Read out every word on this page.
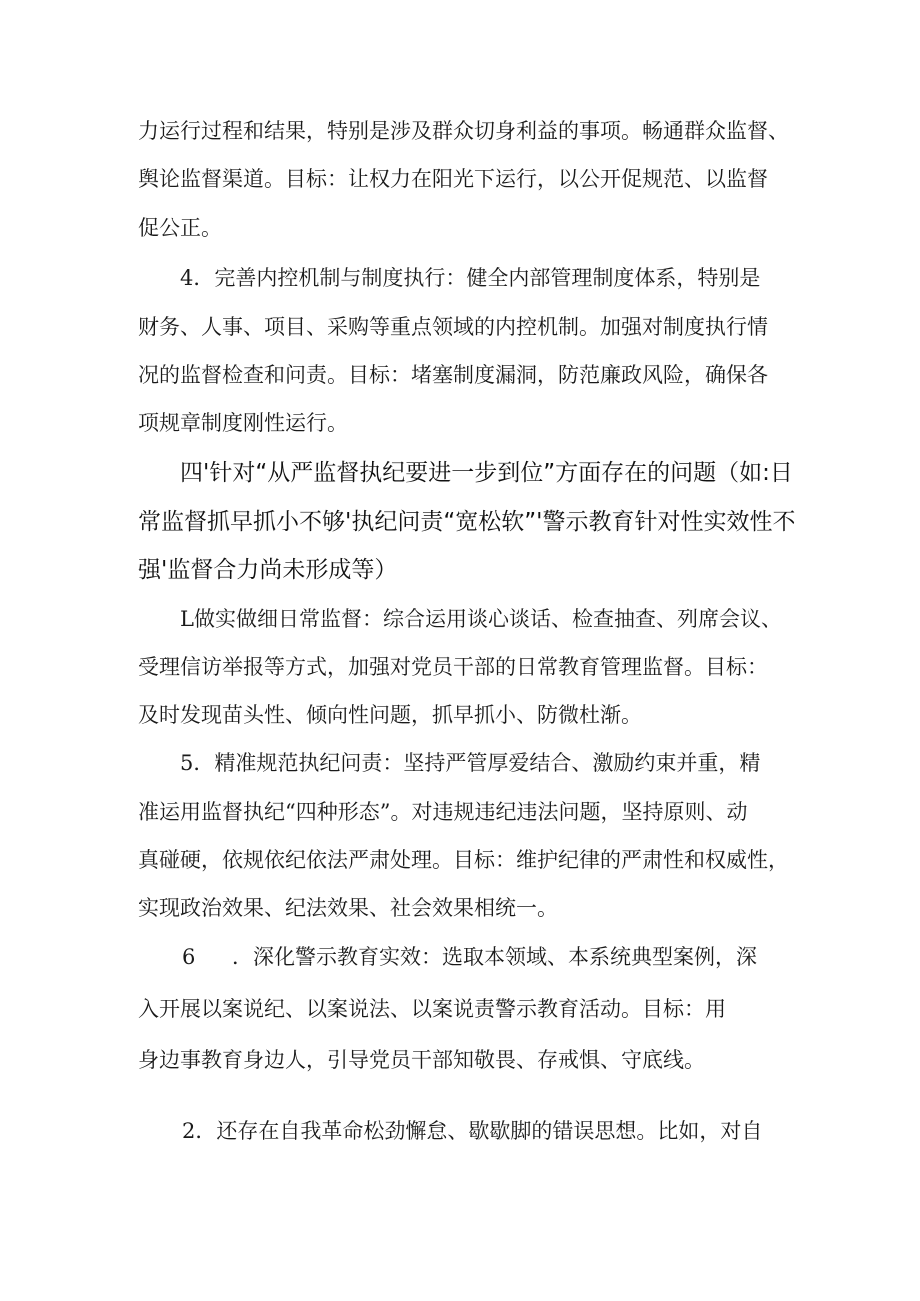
力运行过程和结果，特别是涉及群众切身利益的事项。畅通群众监督、
舆论监督渠道。目标：让权力在阳光下运行，以公开促规范、以监督
促公正。
4．完善内控机制与制度执行：健全内部管理制度体系，特别是
财务、人事、项目、采购等重点领域的内控机制。加强对制度执行情
况的监督检查和问责。目标：堵塞制度漏洞，防范廉政风险，确保各
项规章制度刚性运行。
四'针对“从严监督执纪要进一步到位”方面存在的问题（如:日
常监督抓早抓小不够'执纪问责“宽松软”'警示教育针对性实效性不
强'监督合力尚未形成等）
L做实做细日常监督：综合运用谈心谈话、检查抽查、列席会议、
受理信访举报等方式，加强对党员干部的日常教育管理监督。目标：
及时发现苗头性、倾向性问题，抓早抓小、防微杜渐。
5．精准规范执纪问责：坚持严管厚爱结合、激励约束并重，精
准运用监督执纪“四种形态”。对违规违纪违法问题，坚持原则、动
真碰硬，依规依纪依法严肃处理。目标：维护纪律的严肃性和权威性，
实现政治效果、纪法效果、社会效果相统一。
6 ．深化警示教育实效：选取本领域、本系统典型案例，深
入开展以案说纪、以案说法、以案说责警示教育活动。目标：用
身边事教育身边人，引导党员干部知敬畏、存戒惧、守底线。
2．还存在自我革命松劲懈怠、歇歇脚的错误思想。比如，对自
